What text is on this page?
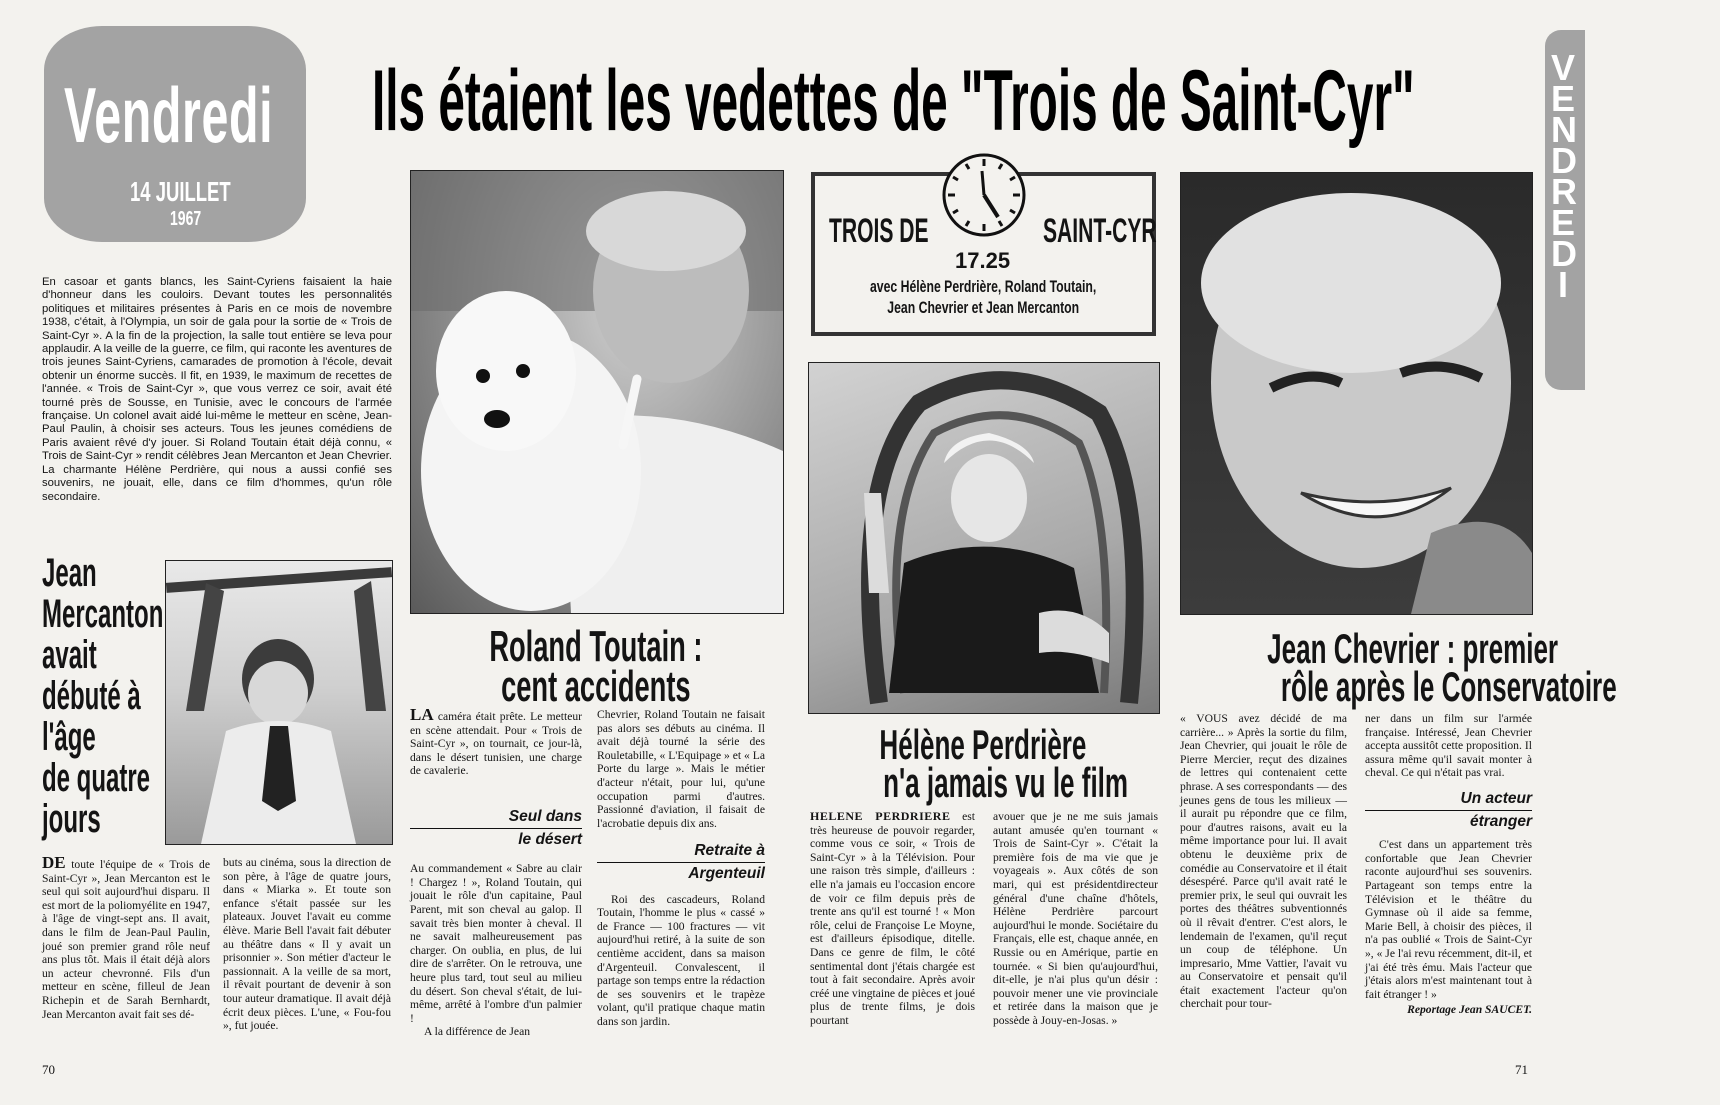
Vendredi
14 JUILLET
1967
Ils étaient les vedettes de "Trois de Saint-Cyr"	V
E
N
D
R
E
D
I
En casoar et gants blancs, les Saint-Cyriens faisaient la haie d'honneur dans les couloirs. Devant toutes les personnalités politiques et militaires présentes à Paris en ce mois de novembre 1938, c'était, à l'Olympia, un soir de gala pour la sortie de « Trois de Saint-Cyr ». A la fin de la projection, la salle tout entière se leva pour applaudir. A la veille de la guerre, ce film, qui raconte les aventures de trois jeunes Saint-Cyriens, camarades de promotion à l'école, devait obtenir un énorme succès. Il fit, en 1939, le maximum de recettes de l'année. « Trois de Saint-Cyr », que vous verrez ce soir, avait été tourné près de Sousse, en Tunisie, avec le concours de l'armée française. Un colonel avait aidé lui-même le metteur en scène, Jean-Paul Paulin, à choisir ses acteurs. Tous les jeunes comédiens de Paris avaient rêvé d'y jouer. Si Roland Toutain était déjà connu, « Trois de Saint-Cyr » rendit célèbres Jean Mercanton et Jean Chevrier. La charmante Hélène Perdrière, qui nous a aussi confié ses souvenirs, ne jouait, elle, dans ce film d'hommes, qu'un rôle secondaire.
Jean
Mercanton
avait
débuté à
l'âge
de quatre
jours
DE toute l'équipe de « Trois de Saint-Cyr », Jean Mercanton est le seul qui soit aujourd'hui disparu. Il est mort de la poliomyélite en 1947, à l'âge de vingt-sept ans. Il avait, dans le film de Jean-Paul Paulin, joué son premier grand rôle neuf ans plus tôt. Mais il était déjà alors un acteur chevronné. Fils d'un metteur en scène, filleul de Jean Richepin et de Sarah Bernhardt, Jean Mercanton avait fait ses dé-
buts au cinéma, sous la direction de son père, à l'âge de quatre jours, dans « Miarka ». Et toute son enfance s'était passée sur les plateaux. Jouvet l'avait eu comme élève. Marie Bell l'avait fait débuter au théâtre dans « Il y avait un prisonnier ». Son métier d'acteur le passionnait. A la veille de sa mort, il rêvait pourtant de devenir à son tour auteur dramatique. Il avait déjà écrit deux pièces. L'une, « Fou-fou », fut jouée.
Roland Toutain :
cent accidents
LA caméra était prête. Le metteur en scène attendait. Pour « Trois de Saint-Cyr », on tournait, ce jour-là, dans le désert tunisien, une charge de cavalerie.
Seul dans
le désert
Au commandement « Sabre au clair ! Chargez ! », Roland Toutain, qui jouait le rôle d'un capitaine, Paul Parent, mit son cheval au galop. Il savait très bien monter à cheval. Il ne savait malheureusement pas charger. On oublia, en plus, de lui dire de s'arrêter. On le retrouva, une heure plus tard, tout seul au milieu du désert. Son cheval s'était, de lui-même, arrêté à l'ombre d'un palmier !
A la différence de Jean
Chevrier, Roland Toutain ne faisait pas alors ses débuts au cinéma. Il avait déjà tourné la série des Rouletabille, « L'Equipage » et « La Porte du large ». Mais le métier d'acteur n'était, pour lui, qu'une occupation parmi d'autres. Passionné d'aviation, il faisait de l'acrobatie depuis dix ans.
Retraite à
Argenteuil
Roi des cascadeurs, Roland Toutain, l'homme le plus « cassé » de France — 100 fractures — vit aujourd'hui retiré, à la suite de son centième accident, dans sa maison d'Argenteuil. Convalescent, il partage son temps entre la rédaction de ses souvenirs et le trapèze volant, qu'il pratique chaque matin dans son jardin.
TROIS DE	SAINT-CYR
17.25
avec Hélène Perdrière, Roland Toutain,
Jean Chevrier et Jean Mercanton
Hélène Perdrière
n'a jamais vu le film
HELENE PERDRIERE est très heureuse de pouvoir regarder, comme vous ce soir, « Trois de Saint-Cyr » à la Télévision. Pour une raison très simple, d'ailleurs : elle n'a jamais eu l'occasion encore de voir ce film depuis près de trente ans qu'il est tourné ! « Mon rôle, celui de Françoise Le Moyne, est d'ailleurs épisodique, ditelle. Dans ce genre de film, le côté sentimental dont j'étais chargée est tout à fait secondaire. Après avoir créé une vingtaine de pièces et joué plus de trente films, je dois pourtant
avouer que je ne me suis jamais autant amusée qu'en tournant « Trois de Saint-Cyr ». C'était la première fois de ma vie que je voyageais ». Aux côtés de son mari, qui est présidentdirecteur général d'une chaîne d'hôtels, Hélène Perdrière parcourt aujourd'hui le monde. Sociétaire du Français, elle est, chaque année, en Russie ou en Amérique, partie en tournée. « Si bien qu'aujourd'hui, dit-elle, je n'ai plus qu'un désir : pouvoir mener une vie provinciale et retirée dans la maison que je possède à Jouy-en-Josas. »
Jean Chevrier : premier
rôle après le Conservatoire
« VOUS avez décidé de ma carrière... » Après la sortie du film, Jean Chevrier, qui jouait le rôle de Pierre Mercier, reçut des dizaines de lettres qui contenaient cette phrase. A ses correspondants — des jeunes gens de tous les milieux — il aurait pu répondre que ce film, pour d'autres raisons, avait eu la même importance pour lui. Il avait obtenu le deuxième prix de comédie au Conservatoire et il était désespéré. Parce qu'il avait raté le premier prix, le seul qui ouvrait les portes des théâtres subventionnés où il rêvait d'entrer. C'est alors, le lendemain de l'examen, qu'il reçut un coup de téléphone. Un impresario, Mme Vattier, l'avait vu au Conservatoire et pensait qu'il était exactement l'acteur qu'on cherchait pour tour-
ner dans un film sur l'armée française. Intéressé, Jean Chevrier accepta aussitôt cette proposition. Il assura même qu'il savait monter à cheval. Ce qui n'était pas vrai.
Un acteur
étranger
C'est dans un appartement très confortable que Jean Chevrier raconte aujourd'hui ses souvenirs. Partageant son temps entre la Télévision et le théâtre du Gymnase où il aide sa femme, Marie Bell, à choisir des pièces, il n'a pas oublié « Trois de Saint-Cyr », « Je l'ai revu récemment, dit-il, et j'ai été très ému. Mais l'acteur que j'étais alors m'est maintenant tout à fait étranger ! »
Reportage Jean SAUCET.
70	71
